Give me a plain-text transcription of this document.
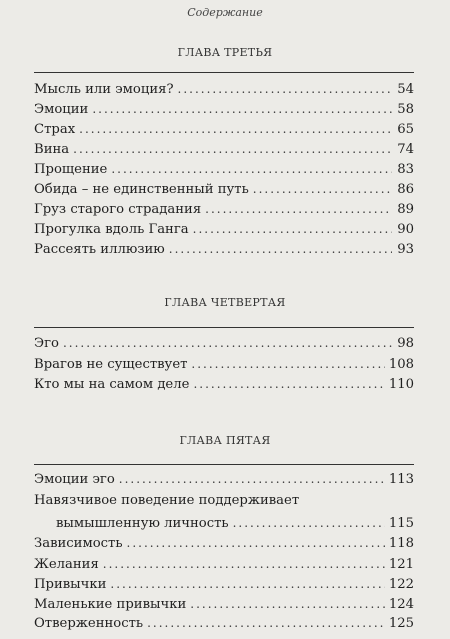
Содержание
ГЛАВА ТРЕТЬЯ
Мысль или эмоция? .....	54
Эмоции .....	58
Страх .....	65
Вина .....	74
Прощение .....	83
Обида – не единственный путь .....	86
Груз старого страдания .....	89
Прогулка вдоль Ганга .....	90
Рассеять иллюзию .....	93
ГЛАВА ЧЕТВЕРТАЯ
Эго .....	98
Врагов не существует .....	108
Кто мы на самом деле .....	110
ГЛАВА ПЯТАЯ
Эмоции эго .....	113
Навязчивое поведение поддерживает
вымышленную личность .....	115
Зависимость .....	118
Желания .....	121
Привычки .....	122
Маленькие привычки .....	124
Отверженность .....	125
